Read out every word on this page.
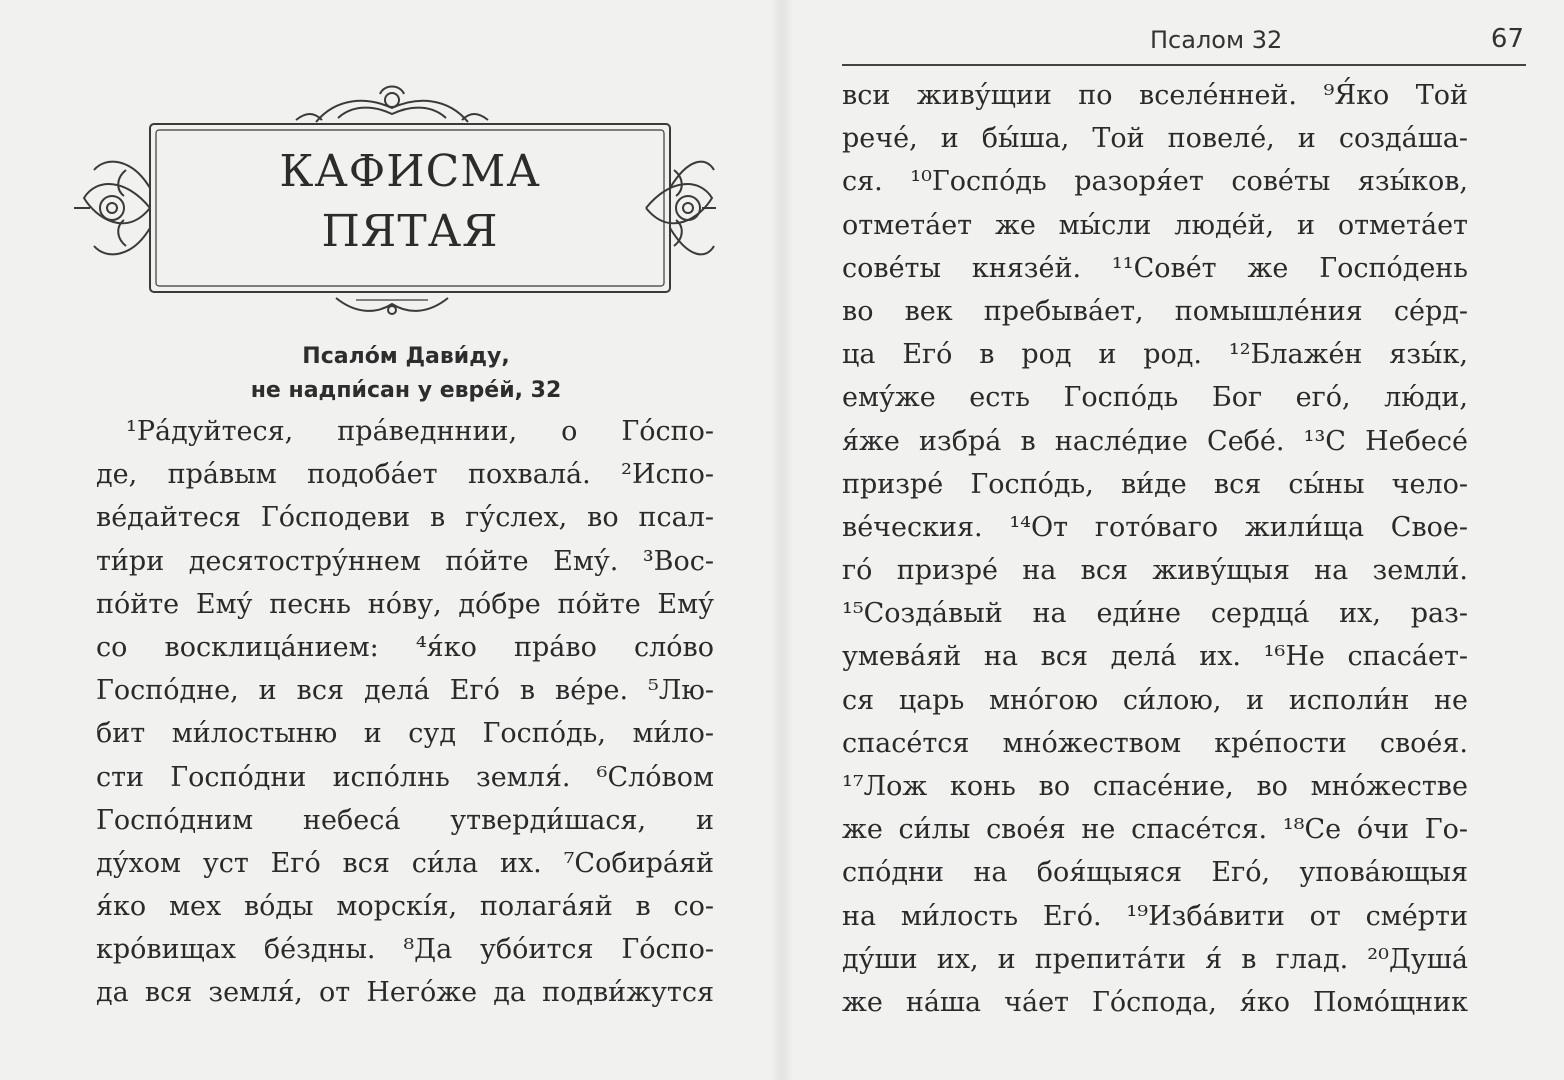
КАФИСМА
ПЯТАЯ
Псало́м Дави́ду,
не надпи́сан у евре́й, 32
¹Ра́дуйтеся, пра́ведннии, о Го́спо-
де, пра́вым подоба́ет похвала́. ²Испо-
ве́дайтеся Го́сподеви в гу́слех, во псал-
ти́ри десятостру́ннем по́йте Ему́. ³Вос-
по́йте Ему́ песнь но́ву, до́бре по́йте Ему́
со восклица́нием: ⁴я́ко пра́во сло́во
Госпо́дне, и вся дела́ Его́ в ве́ре. ⁵Лю-
бит ми́лостыню и суд Госпо́дь, ми́ло-
сти Госпо́дни испо́лнь земля́. ⁶Сло́вом
Госпо́дним небеса́ утверди́шася, и
ду́хом уст Его́ вся си́ла их. ⁷Собира́яй
я́ко мех во́ды морскı́я, полага́яй в со-
кро́вищах бе́здны. ⁸Да убо́ится Го́спо-
да вся земля́, от Него́же да подви́жутся
Псалом 32	67
вси живу́щии по вселе́нней. ⁹Я́ко Той
рече́, и бы́ша, Той повеле́, и созда́ша-
ся. ¹⁰Госпо́дь разоря́ет сове́ты язы́ков,
отмета́ет же мы́сли люде́й, и отмета́ет
сове́ты князе́й. ¹¹Сове́т же Госпо́день
во век пребыва́ет, помышле́ния се́рд-
ца Его́ в род и род. ¹²Блаже́н язы́к,
ему́же есть Госпо́дь Бог его́, лю́ди,
я́же избра́ в насле́дие Себе́. ¹³С Небесе́
призре́ Госпо́дь, ви́де вся сы́ны чело-
ве́ческия. ¹⁴От гото́ваго жили́ща Свое-
го́ призре́ на вся живу́щыя на земли́.
¹⁵Созда́вый на еди́не сердца́ их, раз-
умева́яй на вся дела́ их. ¹⁶Не спаса́ет-
ся царь мно́гою си́лою, и исполи́н не
спасе́тся мно́жеством кре́пости свое́я.
¹⁷Лож конь во спасе́ние, во мно́жестве
же си́лы свое́я не спасе́тся. ¹⁸Се о́чи Го-
спо́дни на боя́щыяся Его́, упова́ющыя
на ми́лость Его́. ¹⁹Изба́вити от сме́рти
ду́ши их, и препита́ти я́ в глад. ²⁰Душа́
же на́ша ча́ет Го́спода, я́ко Помо́щник
